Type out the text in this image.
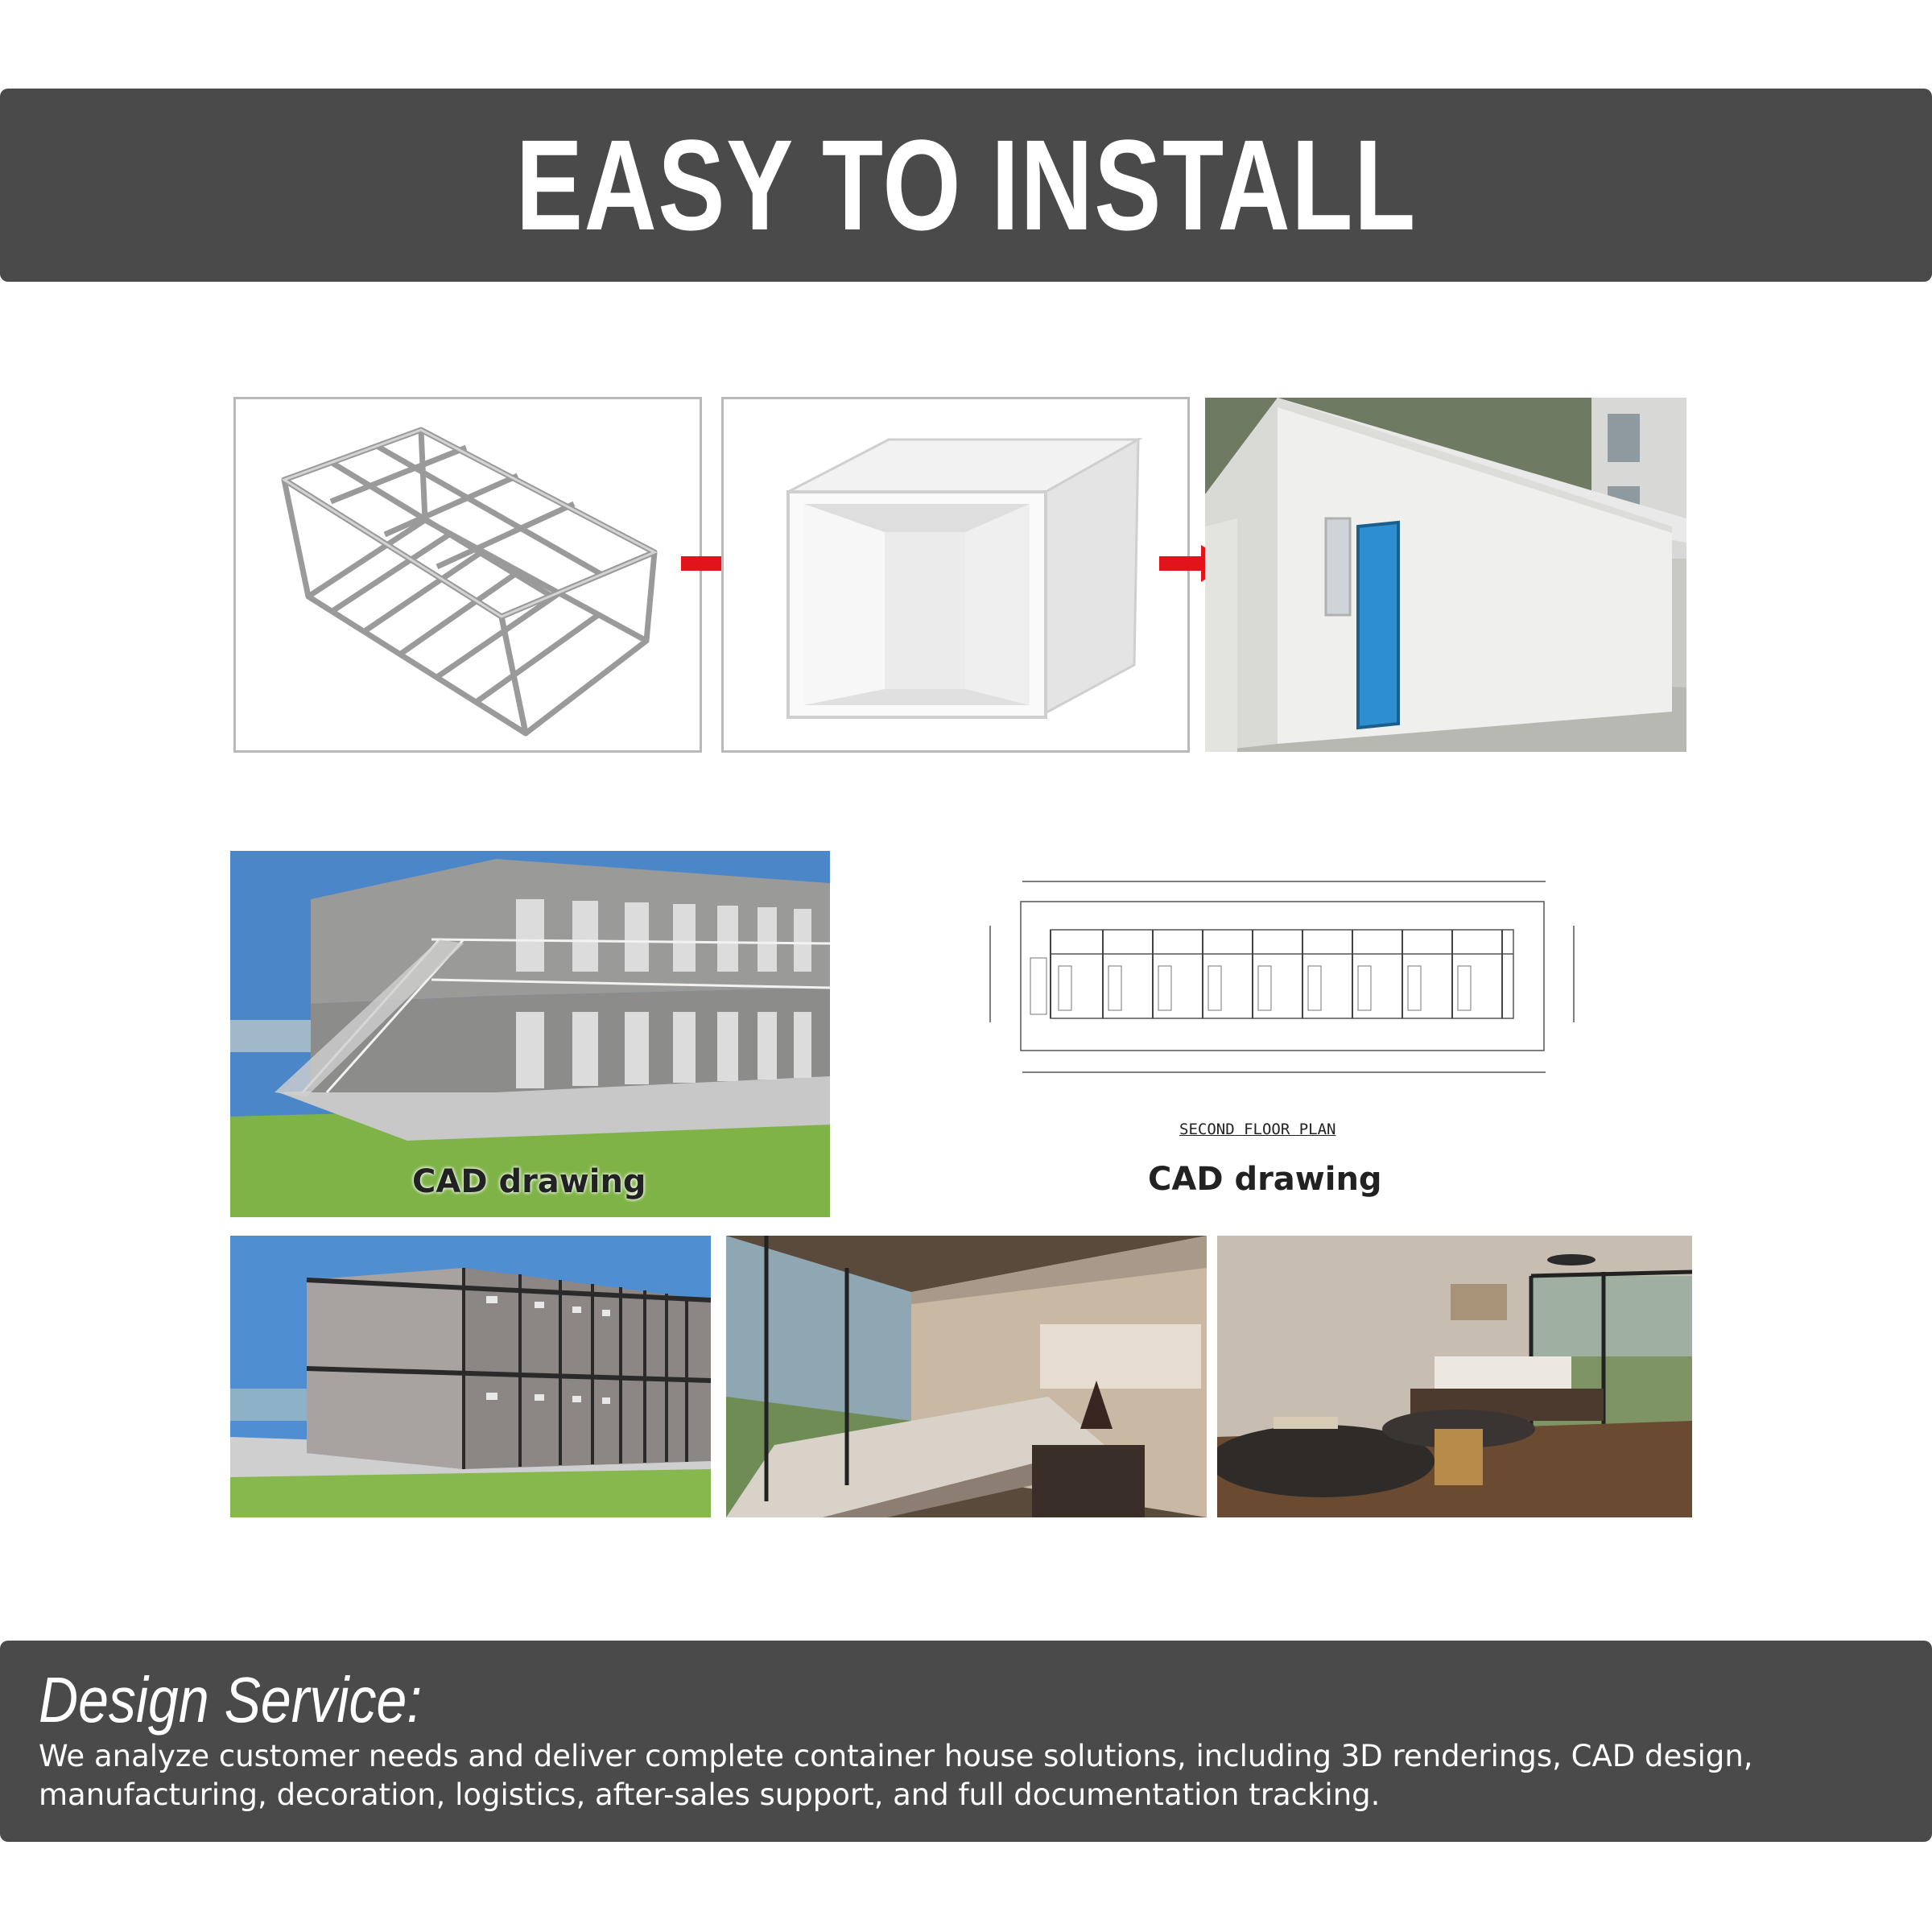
EASY TO INSTALL
CAD drawing
SECOND FLOOR PLAN
CAD drawing
Design Service:

We analyze customer needs and deliver complete container house solutions, including 3D renderings, CAD design, manufacturing, decoration, logistics, after-sales support, and full documentation tracking.
